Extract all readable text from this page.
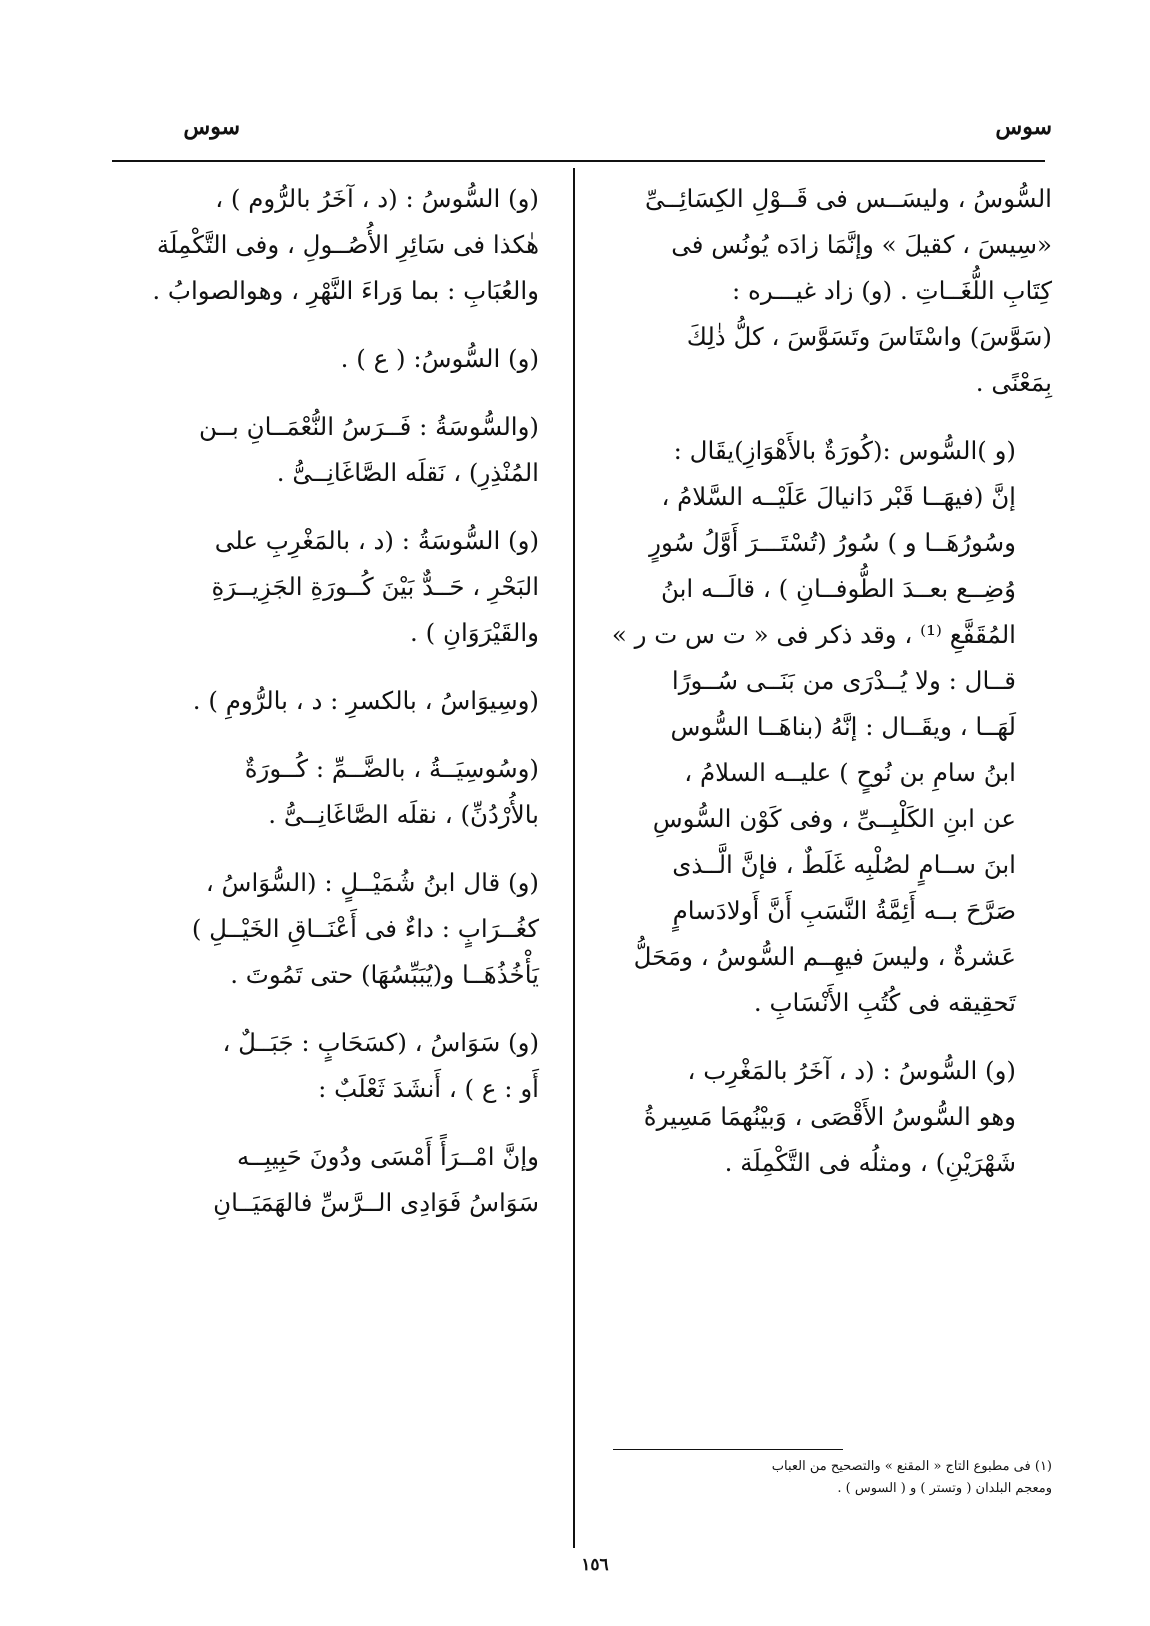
سوس
سوس

السُّوسُ ، وليسَــس فى قَــوْلِ الكِسَائِــىِّ
«سِيسَ ، كقيلَ » وإنَّمَا زادَه يُونُس فى
كِتَابِ اللُّغَــاتِ . (و) زاد غيـــره :
(سَوَّسَ) واسْتَاسَ وتَسَوَّسَ ، كلُّ ذٰلِكَ
بِمَعْنًى .

(و )السُّوس :(كُورَةٌ بالأَهْوَازِ)يقَال :
إنَّ (فيهَــا قَبْر دَانيالَ عَلَيْــه السَّلامُ ،
وسُورُهَــا و ) سُورُ (تُسْتَـــرَ أَوَّلُ سُورٍ
وُضِــع بعــدَ الطُّوفــانِ ) ، قالَــه ابنُ
المُقَفَّعِ ⁽¹⁾ ، وقد ذكر فى « ت س ت ر »
قــال : ولا يُــدْرَى من بَنَــى سُــورًا
لَهَــا ، ويقَــال : إنَّهُ (بناهَــا السُّوس
ابنُ سامِ بن نُوحٍ ) عليــه السلامُ ،
عن ابنِ الكَلْبِــىِّ ، وفى كَوْن السُّوسِ
ابنَ ســامٍ لصُلْبِه غَلَطٌ ، فإنَّ الَّــذى
صَرَّحَ بــه أَئِمَّةُ النَّسَبِ أَنَّ أَولادَسامٍ
عَشرةٌ ، وليسَ فيهِــم السُّوسُ ، ومَحَلُّ
تَحقِيقه فى كُتُبِ الأَنْسَابِ .

(و) السُّوسُ : (د ، آخَرُ بالمَغْرِب ،
وهو السُّوسُ الأَقْصَى ، وَبيْنُهمَا مَسِيرةُ
شَهْرَيْنِ) ، ومثلُه فى التَّكْمِلَة .

(و) السُّوسُ : (د ، آخَرُ بالرُّوم ) ،
هٰكذا فى سَائِرِ الأُصُــولِ ، وفى التَّكْمِلَة
والعُبَابِ : بما وَراءَ النَّهْرِ ، وهوالصوابُ .

(و) السُّوسُ: ( ع ) .

(والسُّوسَةُ : فَــرَسُ النُّعْمَــانِ بــن
المُنْذِرِ) ، نَقلَه الصَّاغَانِــىُّ .

(و) السُّوسَةُ : (د ، بالمَغْرِبِ على
البَحْرِ ، حَــدٌّ بَيْنَ كُــورَةِ الجَزِيــرَةِ
والقَيْرَوَانِ ) .

(وسِيوَاسُ ، بالكسرِ : د ، بالرُّومِ ) .

(وسُوسِيَــةُ ، بالضَّــمِّ : كُــورَةٌ
بالأُرْدُنِّ) ، نقلَه الصَّاغَانِــىُّ .

(و) قال ابنُ شُمَيْــلٍ : (السُّوَاسُ ،
كغُــرَابٍ : داءٌ فى أَعْنَــاقِ الخَيْــلِ )
يَأْخُذُهَــا و(يُبَبِّسُهَا) حتى تَمُوتَ .

(و) سَوَاسُ ، (كسَحَابٍ : جَبَــلٌ ،
أَو : ع ) ، أَنشَدَ ثَعْلَبٌ :

وإنَّ امْــرَأً أَمْسَى ودُونَ حَبِيبِــه
سَوَاسُ فَوَادِى الــرَّسِّ فالهَمَيَــانِ

(١) فى مطبوع التاج « المقنع » والتصحيح من العباب
ومعجم البلدان ( وتستر ) و ( السوس ) .
١٥٦
